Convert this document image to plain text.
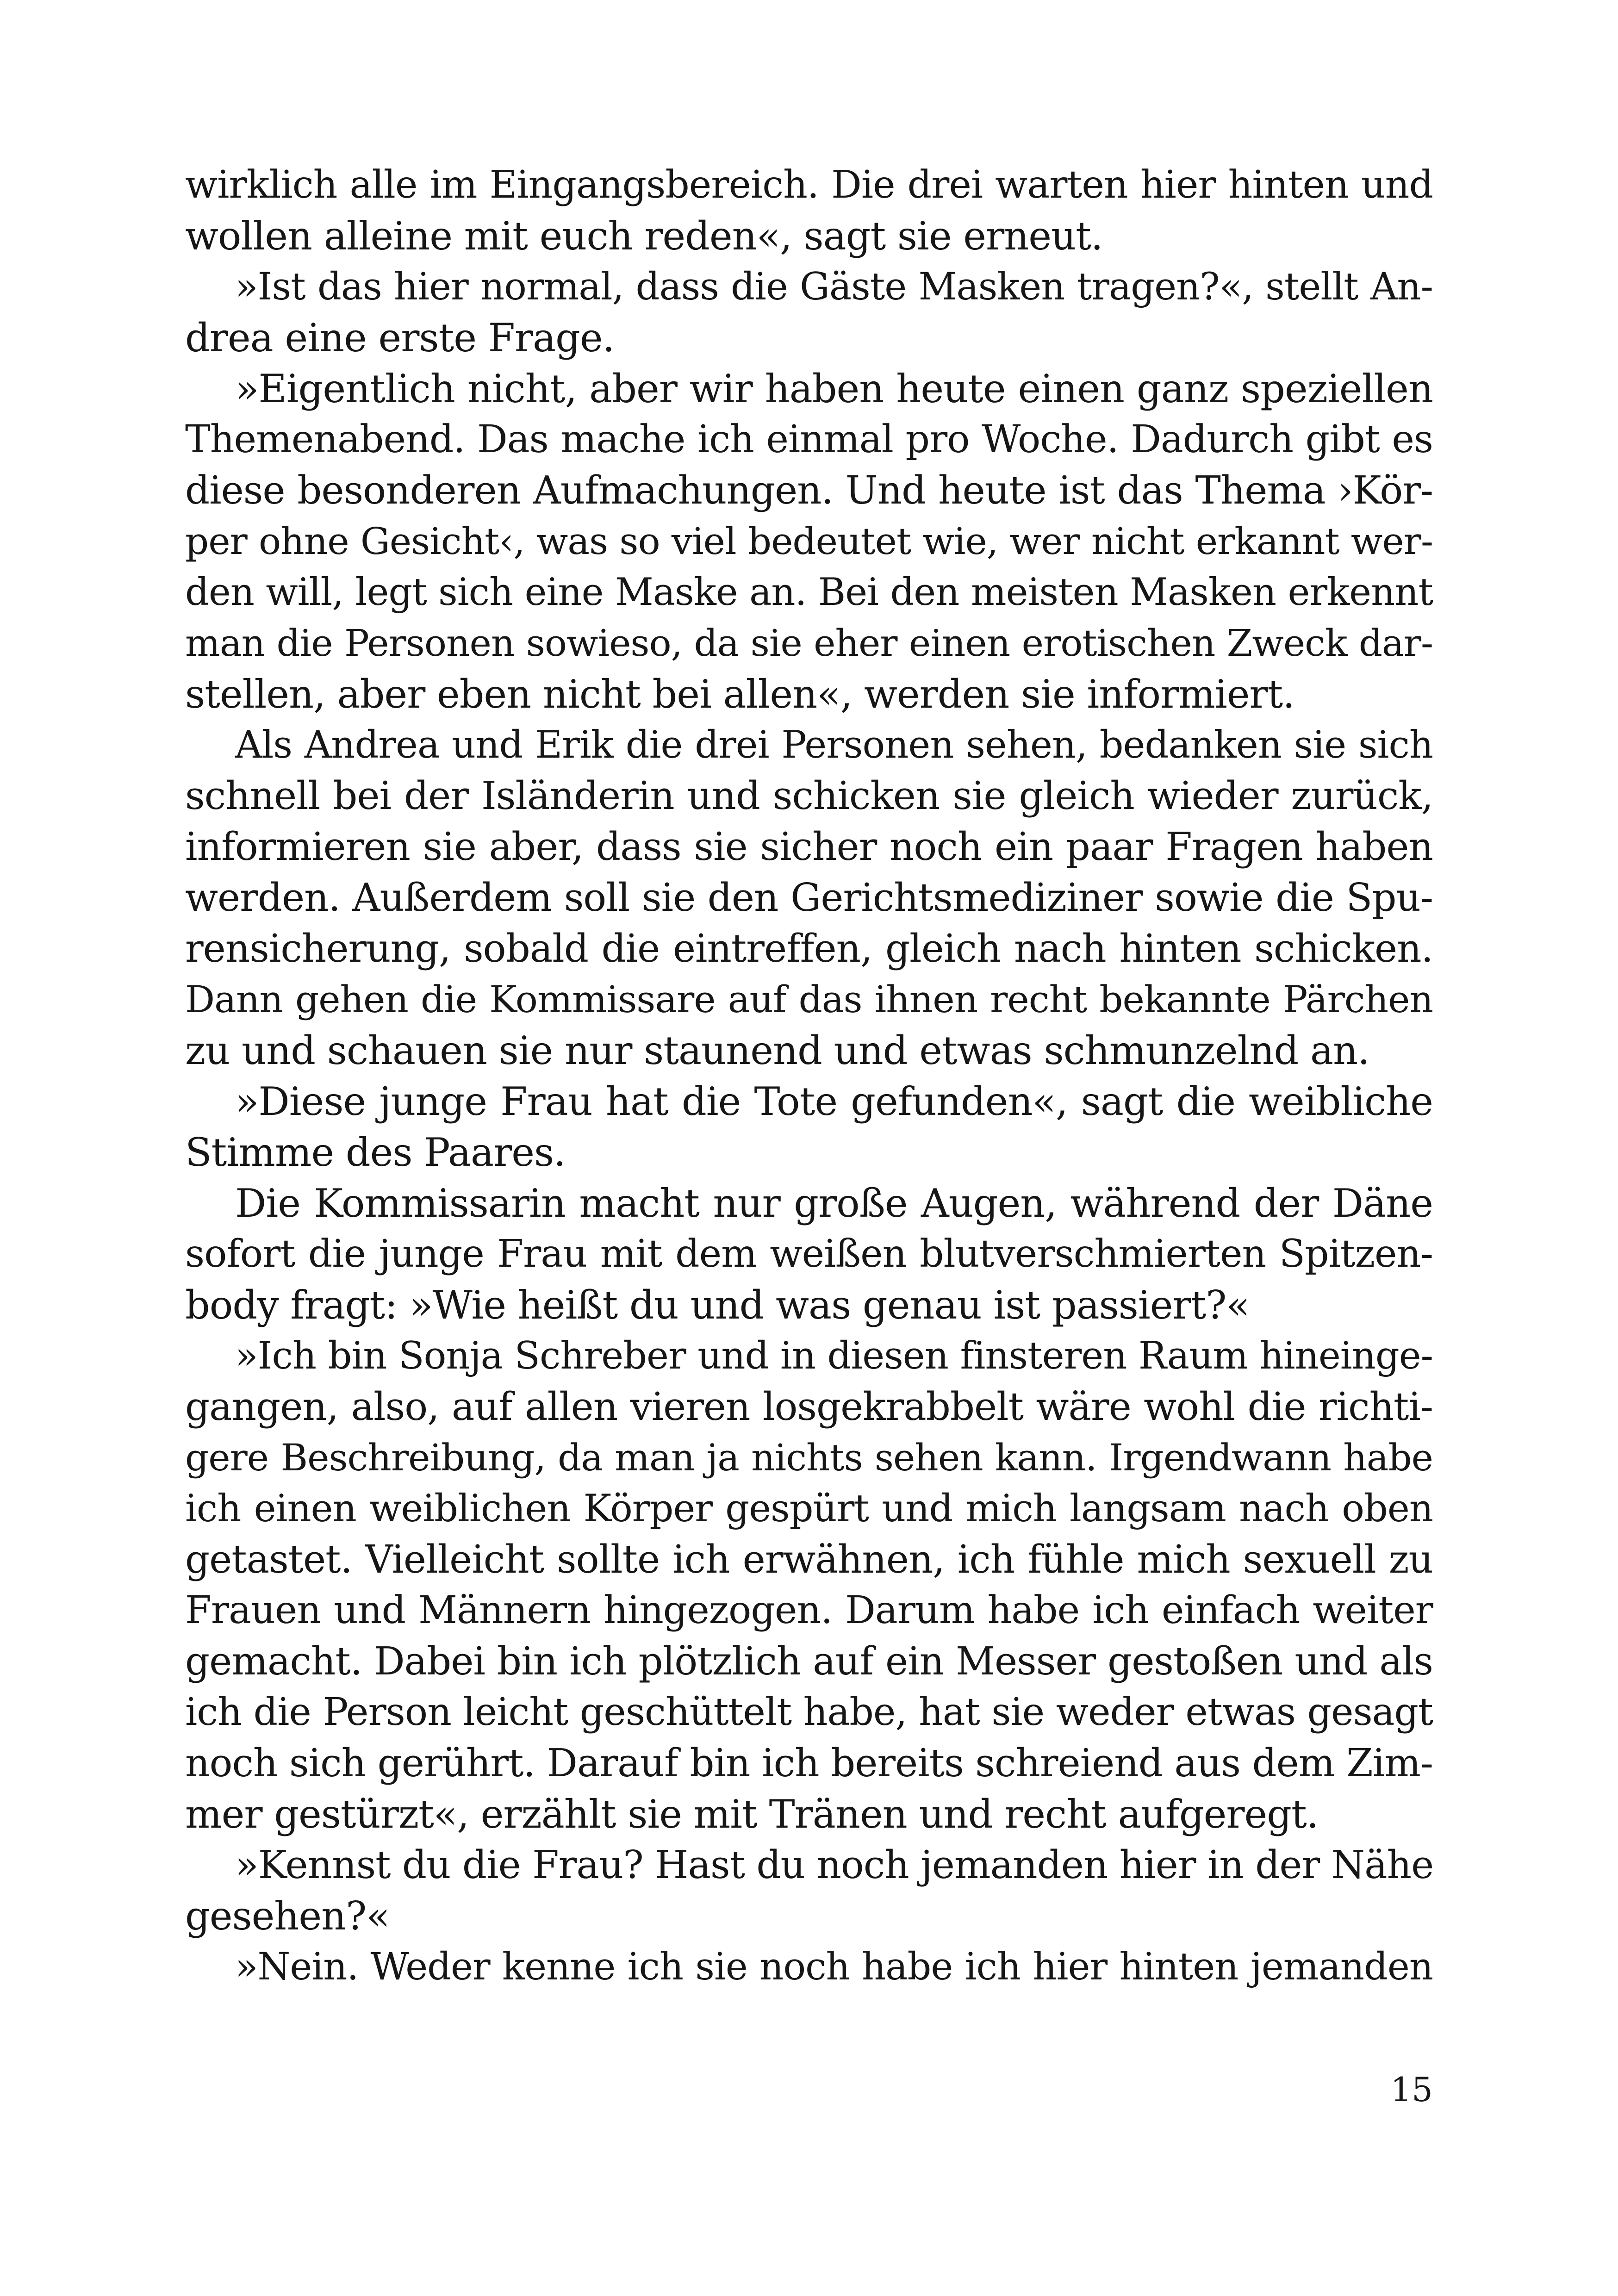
wirklich alle im Eingangsbereich. Die drei warten hier hinten und
wollen alleine mit euch reden«, sagt sie erneut.
»Ist das hier normal, dass die Gäste Masken tragen?«, stellt An-
drea eine erste Frage.
»Eigentlich nicht, aber wir haben heute einen ganz speziellen
Themenabend. Das mache ich einmal pro Woche. Dadurch gibt es
diese besonderen Aufmachungen. Und heute ist das Thema ›Kör-
per ohne Gesicht‹, was so viel bedeutet wie, wer nicht erkannt wer-
den will, legt sich eine Maske an. Bei den meisten Masken erkennt
man die Personen sowieso, da sie eher einen erotischen Zweck dar-
stellen, aber eben nicht bei allen«, werden sie informiert.
Als Andrea und Erik die drei Personen sehen, bedanken sie sich
schnell bei der Isländerin und schicken sie gleich wieder zurück,
informieren sie aber, dass sie sicher noch ein paar Fragen haben
werden. Außerdem soll sie den Gerichtsmediziner sowie die Spu-
rensicherung, sobald die eintreffen, gleich nach hinten schicken.
Dann gehen die Kommissare auf das ihnen recht bekannte Pärchen
zu und schauen sie nur staunend und etwas schmunzelnd an.
»Diese junge Frau hat die Tote gefunden«, sagt die weibliche
Stimme des Paares.
Die Kommissarin macht nur große Augen, während der Däne
sofort die junge Frau mit dem weißen blutverschmierten Spitzen-
body fragt: »Wie heißt du und was genau ist passiert?«
»Ich bin Sonja Schreber und in diesen finsteren Raum hineinge-
gangen, also, auf allen vieren losgekrabbelt wäre wohl die richti-
gere Beschreibung, da man ja nichts sehen kann. Irgendwann habe
ich einen weiblichen Körper gespürt und mich langsam nach oben
getastet. Vielleicht sollte ich erwähnen, ich fühle mich sexuell zu
Frauen und Männern hingezogen. Darum habe ich einfach weiter
gemacht. Dabei bin ich plötzlich auf ein Messer gestoßen und als
ich die Person leicht geschüttelt habe, hat sie weder etwas gesagt
noch sich gerührt. Darauf bin ich bereits schreiend aus dem Zim-
mer gestürzt«, erzählt sie mit Tränen und recht aufgeregt.
»Kennst du die Frau? Hast du noch jemanden hier in der Nähe
gesehen?«
»Nein. Weder kenne ich sie noch habe ich hier hinten jemanden
15
